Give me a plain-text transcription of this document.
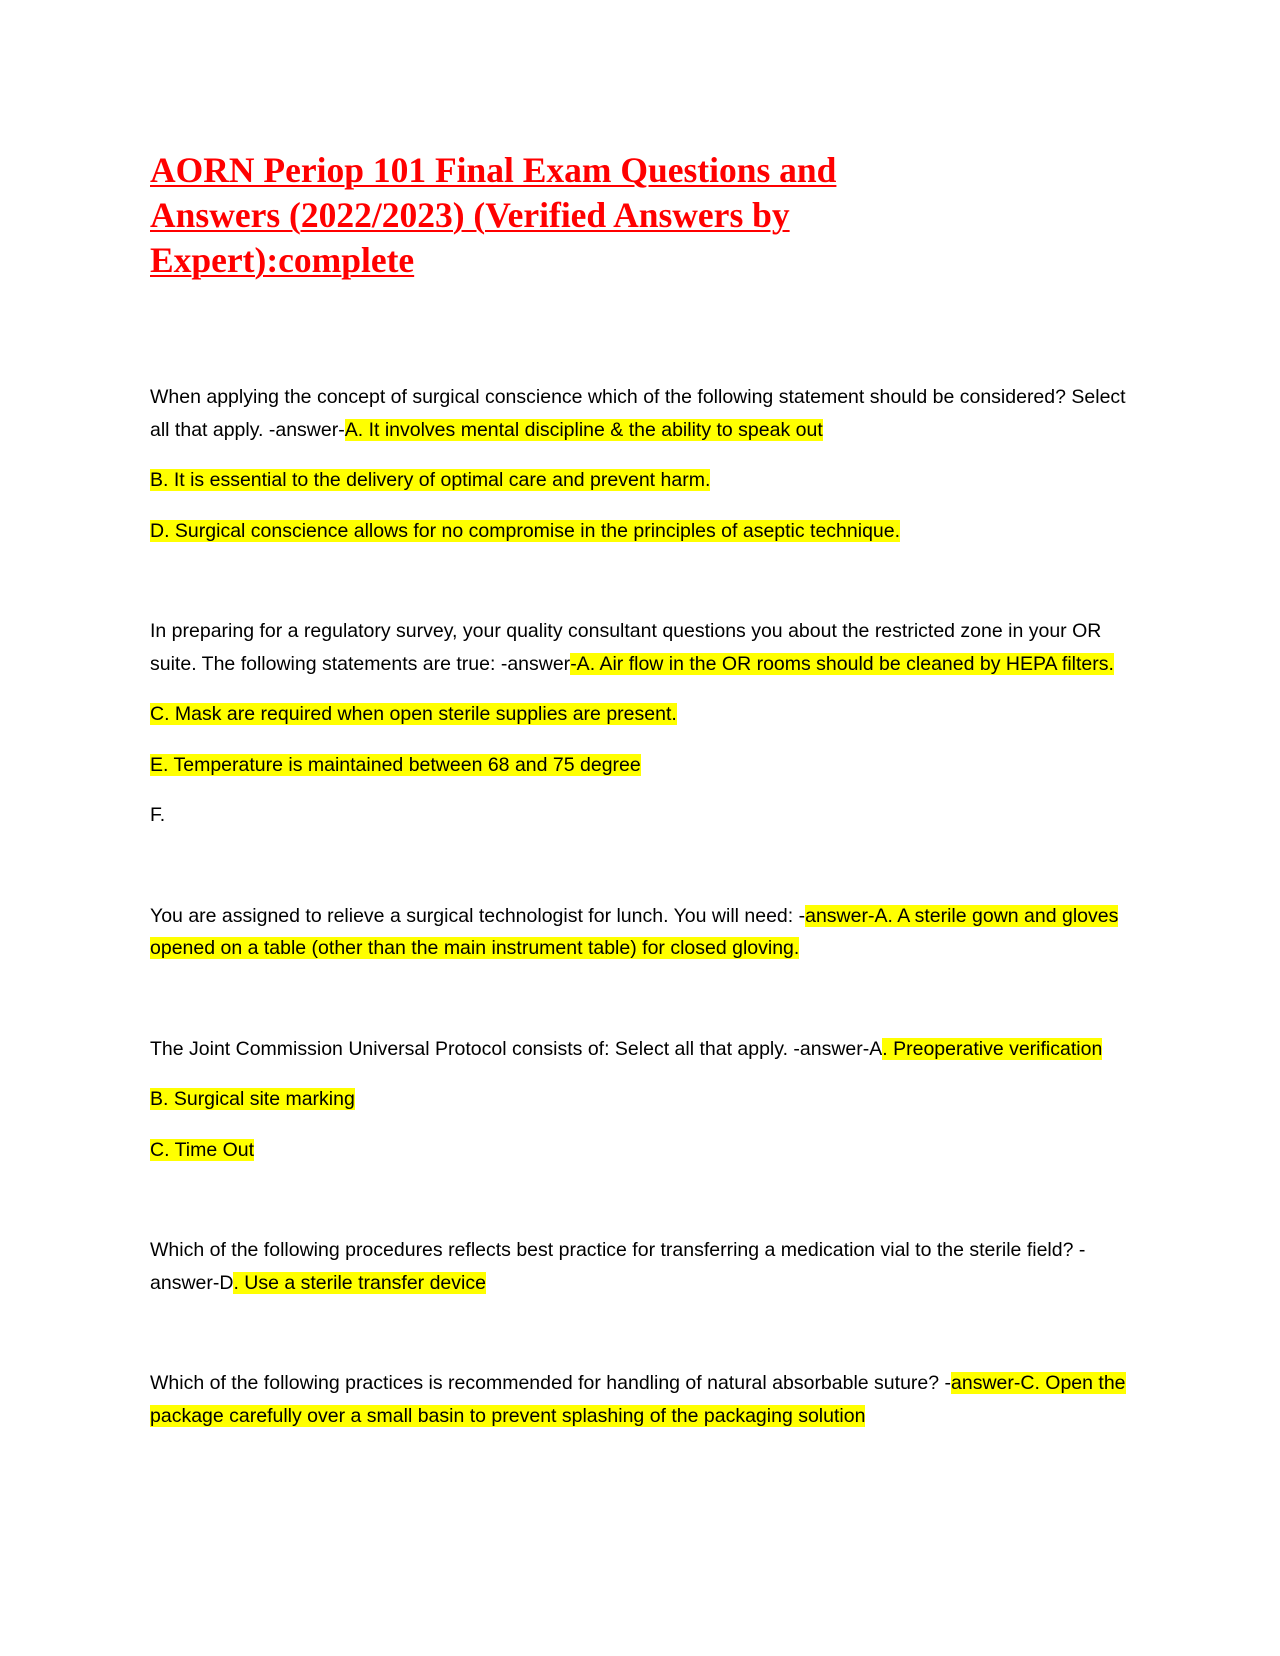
AORN Periop 101 Final Exam Questions and Answers (2022/2023) (Verified Answers by Expert):complete

When applying the concept of surgical conscience which of the following statement should be considered? Select all that apply. -answer-A. It involves mental discipline & the ability to speak out

B. It is essential to the delivery of optimal care and prevent harm.

D. Surgical conscience allows for no compromise in the principles of aseptic technique.

In preparing for a regulatory survey, your quality consultant questions you about the restricted zone in your OR suite. The following statements are true: -answer-A. Air flow in the OR rooms should be cleaned by HEPA filters.

C. Mask are required when open sterile supplies are present.

E. Temperature is maintained between 68 and 75 degree

F.

You are assigned to relieve a surgical technologist for lunch. You will need: -answer-A. A sterile gown and gloves opened on a table (other than the main instrument table) for closed gloving.

The Joint Commission Universal Protocol consists of: Select all that apply. -answer-A. Preoperative verification

B. Surgical site marking

C. Time Out

Which of the following procedures reflects best practice for transferring a medication vial to the sterile field? -answer-D. Use a sterile transfer device

Which of the following practices is recommended for handling of natural absorbable suture? -answer-C. Open the package carefully over a small basin to prevent splashing of the packaging solution
